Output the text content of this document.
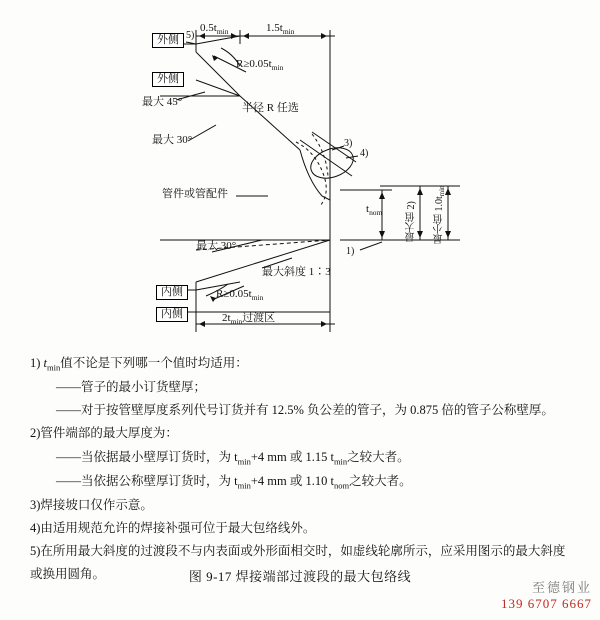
外侧 5)
$0.5t_{min}$	$1.5t_{min}$
$R\ge 0.05t_{min}$
半径 R 任选
外侧
最大 45°
最大 30°
管件或管配件
3)
4)
1)
$t_{nom}$ 最大值 2) 最小值 $1.0t_{min}$
最大 30°
最大斜度 1∶3
内侧
内侧
$R\ge 0.05t_{min}$
$2t_{min}$过渡区

1) $t_{min}$值不论是下列哪一个值时均适用：

——管子的最小订货壁厚；

——对于按管壁厚度系列代号订货并有 12.5% 负公差的管子，为 0.875 倍的管子公称壁厚。

2)管件端部的最大厚度为：

——当依据最小壁厚订货时，为 $t_{min}+4$ mm 或 1.15 $t_{min}$之较大者。

——当依据公称壁厚订货时，为 $t_{min}+4$ mm 或 1.10 $t_{nom}$之较大者。

3)焊接坡口仅作示意。

4)由适用规范允许的焊接补强可位于最大包络线外。

5)在所用最大斜度的过渡段不与内表面或外形面相交时，如虚线轮廓所示，应采用图示的最大斜度或换用圆角。	图 9-17 焊接端部过渡段的最大包络线
至德钢业
139 6707 6667
